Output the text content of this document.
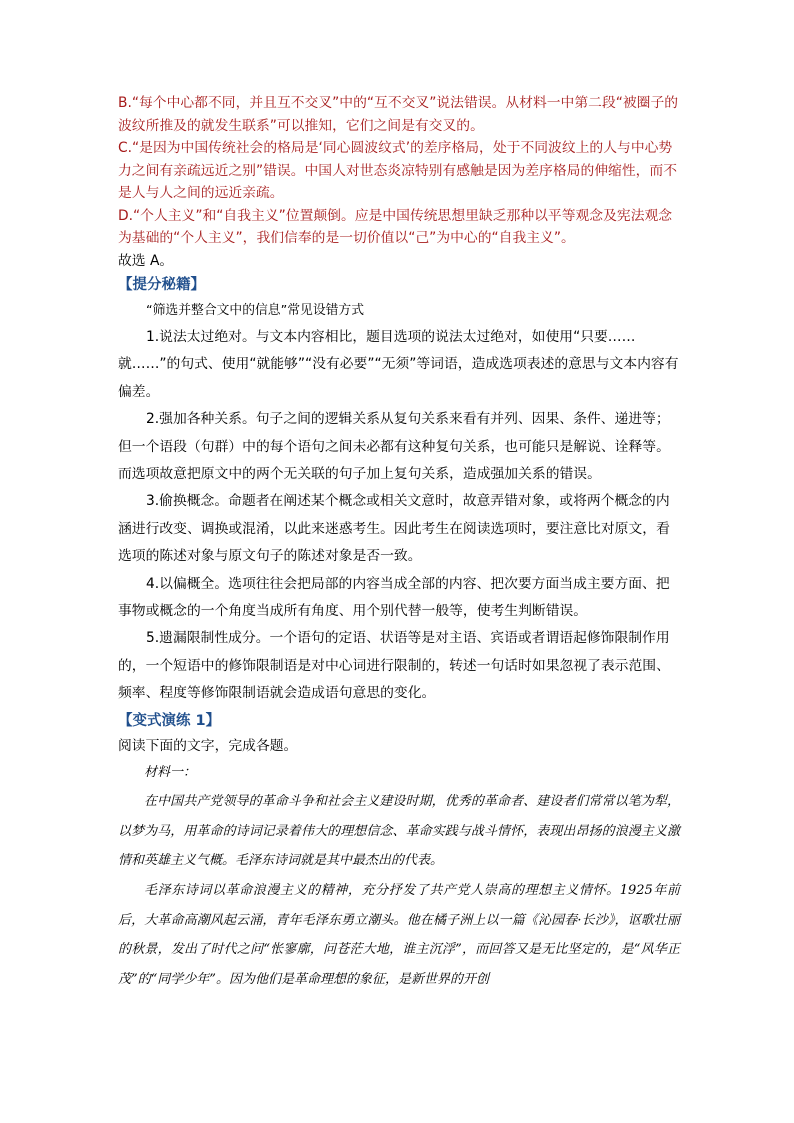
B.“每个中心都不同，并且互不交叉”中的“互不交叉”说法错误。从材料一中第二段“被圈子的波纹所推及的就发生联系”可以推知，它们之间是有交叉的。

C.“是因为中国传统社会的格局是‘同心圆波纹式’的差序格局，处于不同波纹上的人与中心势力之间有亲疏远近之别”错误。中国人对世态炎凉特别有感触是因为差序格局的伸缩性，而不是人与人之间的远近亲疏。

D.“个人主义”和“自我主义”位置颠倒。应是中国传统思想里缺乏那种以平等观念及宪法观念为基础的“个人主义”，我们信奉的是一切价值以“己”为中心的“自我主义”。

故选 A。

【提分秘籍】

“筛选并整合文中的信息”常见设错方式

1.说法太过绝对。与文本内容相比，题目选项的说法太过绝对，如使用“只要……就……”的句式、使用“就能够”“没有必要”“无须”等词语，造成选项表述的意思与文本内容有偏差。

2.强加各种关系。句子之间的逻辑关系从复句关系来看有并列、因果、条件、递进等；但一个语段（句群）中的每个语句之间未必都有这种复句关系，也可能只是解说、诠释等。而选项故意把原文中的两个无关联的句子加上复句关系，造成强加关系的错误。

3.偷换概念。命题者在阐述某个概念或相关文意时，故意弄错对象，或将两个概念的内涵进行改变、调换或混淆，以此来迷惑考生。因此考生在阅读选项时，要注意比对原文，看选项的陈述对象与原文句子的陈述对象是否一致。

4.以偏概全。选项往往会把局部的内容当成全部的内容、把次要方面当成主要方面、把事物或概念的一个角度当成所有角度、用个别代替一般等，使考生判断错误。

5.遗漏限制性成分。一个语句的定语、状语等是对主语、宾语或者谓语起修饰限制作用的，一个短语中的修饰限制语是对中心词进行限制的，转述一句话时如果忽视了表示范围、频率、程度等修饰限制语就会造成语句意思的变化。

【变式演练 1】

阅读下面的文字，完成各题。

材料一：

在中国共产党领导的革命斗争和社会主义建设时期，优秀的革命者、建设者们常常以笔为犁，以梦为马，用革命的诗词记录着伟大的理想信念、革命实践与战斗情怀，表现出昂扬的浪漫主义激情和英雄主义气概。毛泽东诗词就是其中最杰出的代表。

毛泽东诗词以革命浪漫主义的精神，充分抒发了共产党人崇高的理想主义情怀。1925年前后，大革命高潮风起云涌，青年毛泽东勇立潮头。他在橘子洲上以一篇《沁园春·长沙》，讴歌壮丽的秋景，发出了时代之问“怅寥廓，问苍茫大地，谁主沉浮”，而回答又是无比坚定的，是“风华正茂”的“同学少年”。因为他们是革命理想的象征，是新世界的开创
